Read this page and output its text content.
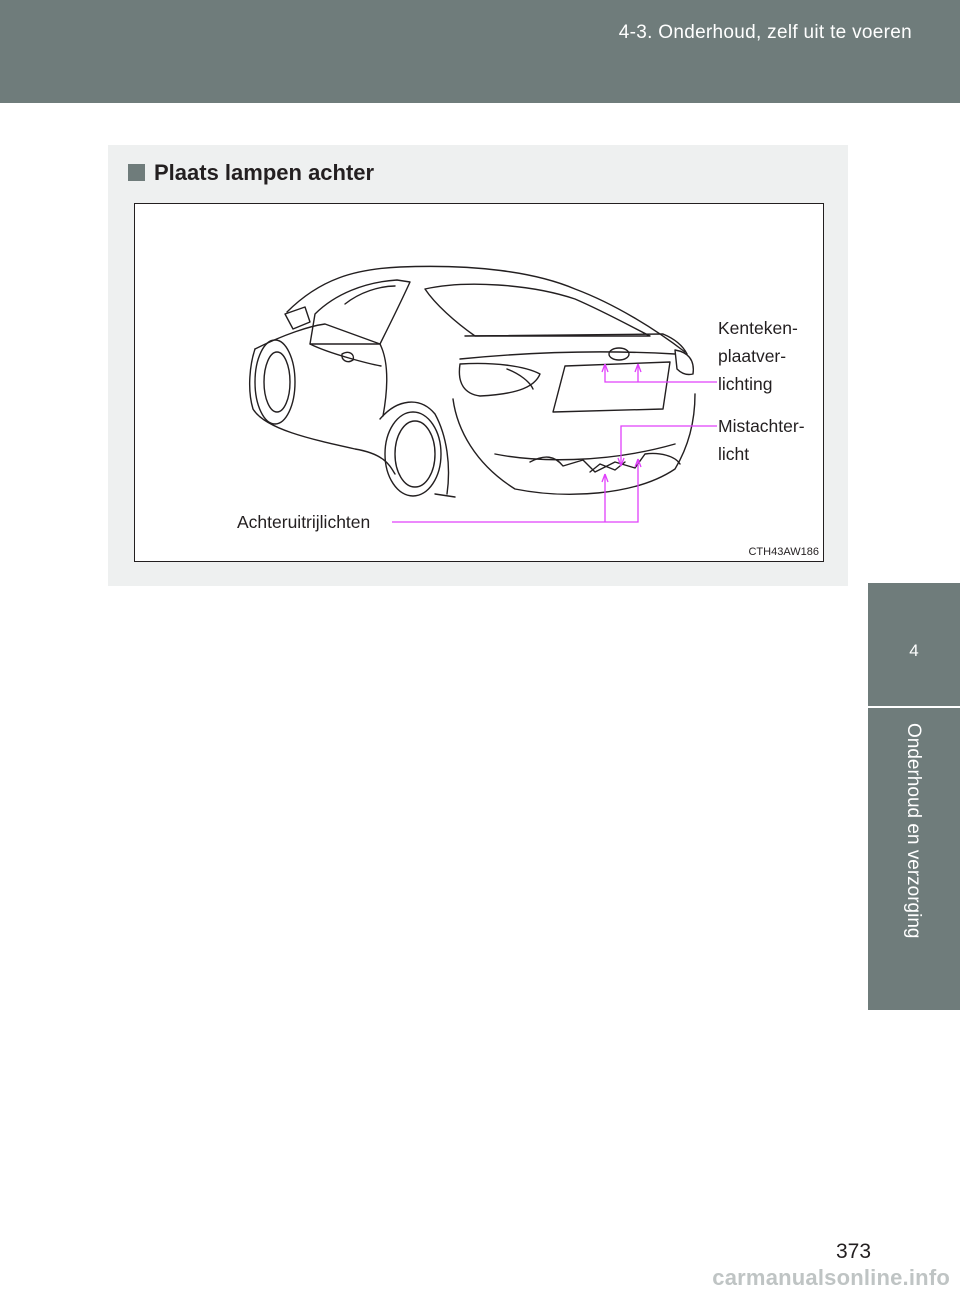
4-3. Onderhoud, zelf uit te voeren
4
Onderhoud en verzorging
Plaats lampen achter
Kenteken-
plaatver-
lichting
Mistachter-
licht
Achteruitrijlichten
CTH43AW186
373
carmanualsonline.info
